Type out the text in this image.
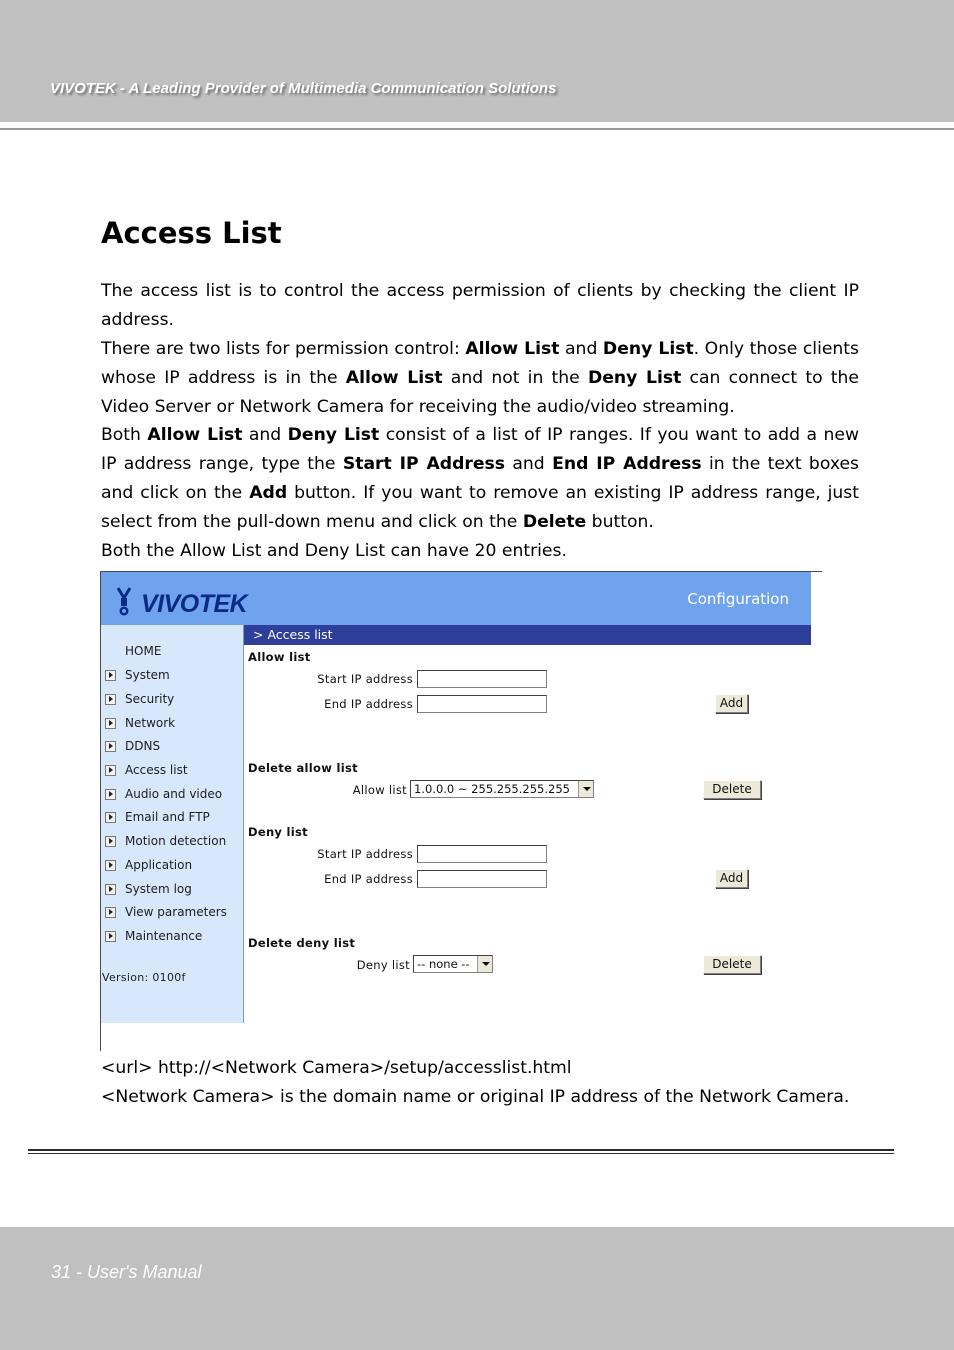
VIVOTEK - A Leading Provider of Multimedia Communication Solutions
Access List
The access list is to control the access permission of clients by checking the client IP address.
There are two lists for permission control: Allow List and Deny List. Only those clients whose IP address is in the Allow List and not in the Deny List can connect to the Video Server or Network Camera for receiving the audio/video streaming.
Both Allow List and Deny List consist of a list of IP ranges. If you want to add a new IP address range, type the Start IP Address and End IP Address in the text boxes and click on the Add button. If you want to remove an existing IP address range, just select from the pull-down menu and click on the Delete button.
Both the Allow List and Deny List can have 20 entries.
VIVOTEK	Configuration
HOME
System
Security
Network
DDNS
Access list
Audio and video
Email and FTP
Motion detection
Application
System log
View parameters
Maintenance
Version: 0100f
> Access list
Allow list
Start IP address
End IP address	Add
Delete allow list
Allow list 1.0.0.0 ~ 255.255.255.255	Delete
Deny list
Start IP address
End IP address	Add
Delete deny list
Deny list -- none --	Delete
<url> http://<Network Camera>/setup/accesslist.html
<Network Camera> is the domain name or original IP address of the Network Camera.
31 - User's Manual
